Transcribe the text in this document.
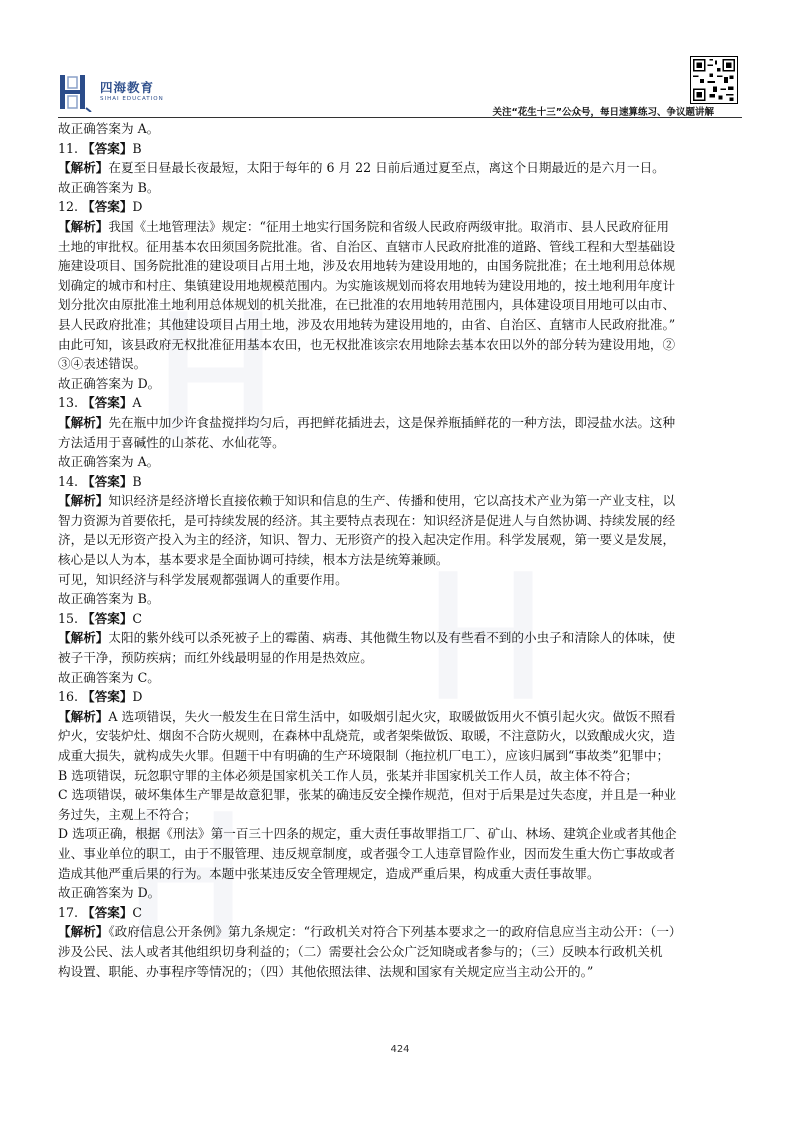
四海教育
SIHAI EDUCATION
关注“花生十三”公众号，每日速算练习、争议题讲解
故正确答案为 A。
11. 【答案】B
【解析】在夏至日昼最长夜最短，太阳于每年的 6 月 22 日前后通过夏至点，离这个日期最近的是六月一日。
故正确答案为 B。
12. 【答案】D
【解析】我国《土地管理法》规定：“征用土地实行国务院和省级人民政府两级审批。取消市、县人民政府征用
土地的审批权。征用基本农田须国务院批准。省、自治区、直辖市人民政府批准的道路、管线工程和大型基础设
施建设项目、国务院批准的建设项目占用土地，涉及农用地转为建设用地的，由国务院批准；在土地利用总体规
划确定的城市和村庄、集镇建设用地规模范围内。为实施该规划而将农用地转为建设用地的，按土地利用年度计
划分批次由原批准土地利用总体规划的机关批准，在已批准的农用地转用范围内，具体建设项目用地可以由市、
县人民政府批准；其他建设项目占用土地，涉及农用地转为建设用地的，由省、自治区、直辖市人民政府批准。”
由此可知，该县政府无权批准征用基本农田，也无权批准该宗农用地除去基本农田以外的部分转为建设用地，②
③④表述错误。
故正确答案为 D。
13. 【答案】A
【解析】先在瓶中加少许食盐搅拌均匀后，再把鲜花插进去，这是保养瓶插鲜花的一种方法，即浸盐水法。这种
方法适用于喜碱性的山茶花、水仙花等。
故正确答案为 A。
14. 【答案】B
【解析】知识经济是经济增长直接依赖于知识和信息的生产、传播和使用，它以高技术产业为第一产业支柱，以
智力资源为首要依托，是可持续发展的经济。其主要特点表现在：知识经济是促进人与自然协调、持续发展的经
济，是以无形资产投入为主的经济，知识、智力、无形资产的投入起决定作用。科学发展观，第一要义是发展，
核心是以人为本，基本要求是全面协调可持续，根本方法是统筹兼顾。
可见，知识经济与科学发展观都强调人的重要作用。
故正确答案为 B。
15. 【答案】C
【解析】太阳的紫外线可以杀死被子上的霉菌、病毒、其他微生物以及有些看不到的小虫子和清除人的体味，使
被子干净，预防疾病；而红外线最明显的作用是热效应。
故正确答案为 C。
16. 【答案】D
【解析】A 选项错误，失火一般发生在日常生活中，如吸烟引起火灾，取暖做饭用火不慎引起火灾。做饭不照看
炉火，安装炉灶、烟囱不合防火规则，在森林中乱烧荒，或者架柴做饭、取暖，不注意防火，以致酿成火灾，造
成重大损失，就构成失火罪。但题干中有明确的生产环境限制（拖拉机厂电工），应该归属到“事故类”犯罪中；
B 选项错误，玩忽职守罪的主体必须是国家机关工作人员，张某并非国家机关工作人员，故主体不符合；
C 选项错误，破坏集体生产罪是故意犯罪，张某的确违反安全操作规范，但对于后果是过失态度，并且是一种业
务过失，主观上不符合；
D 选项正确，根据《刑法》第一百三十四条的规定，重大责任事故罪指工厂、矿山、林场、建筑企业或者其他企
业、事业单位的职工，由于不服管理、违反规章制度，或者强令工人违章冒险作业，因而发生重大伤亡事故或者
造成其他严重后果的行为。本题中张某违反安全管理规定，造成严重后果，构成重大责任事故罪。
故正确答案为 D。
17. 【答案】C
【解析】《政府信息公开条例》第九条规定：“行政机关对符合下列基本要求之一的政府信息应当主动公开：（一）
涉及公民、法人或者其他组织切身利益的；（二）需要社会公众广泛知晓或者参与的；（三）反映本行政机关机
构设置、职能、办事程序等情况的；（四）其他依照法律、法规和国家有关规定应当主动公开的。”
424
